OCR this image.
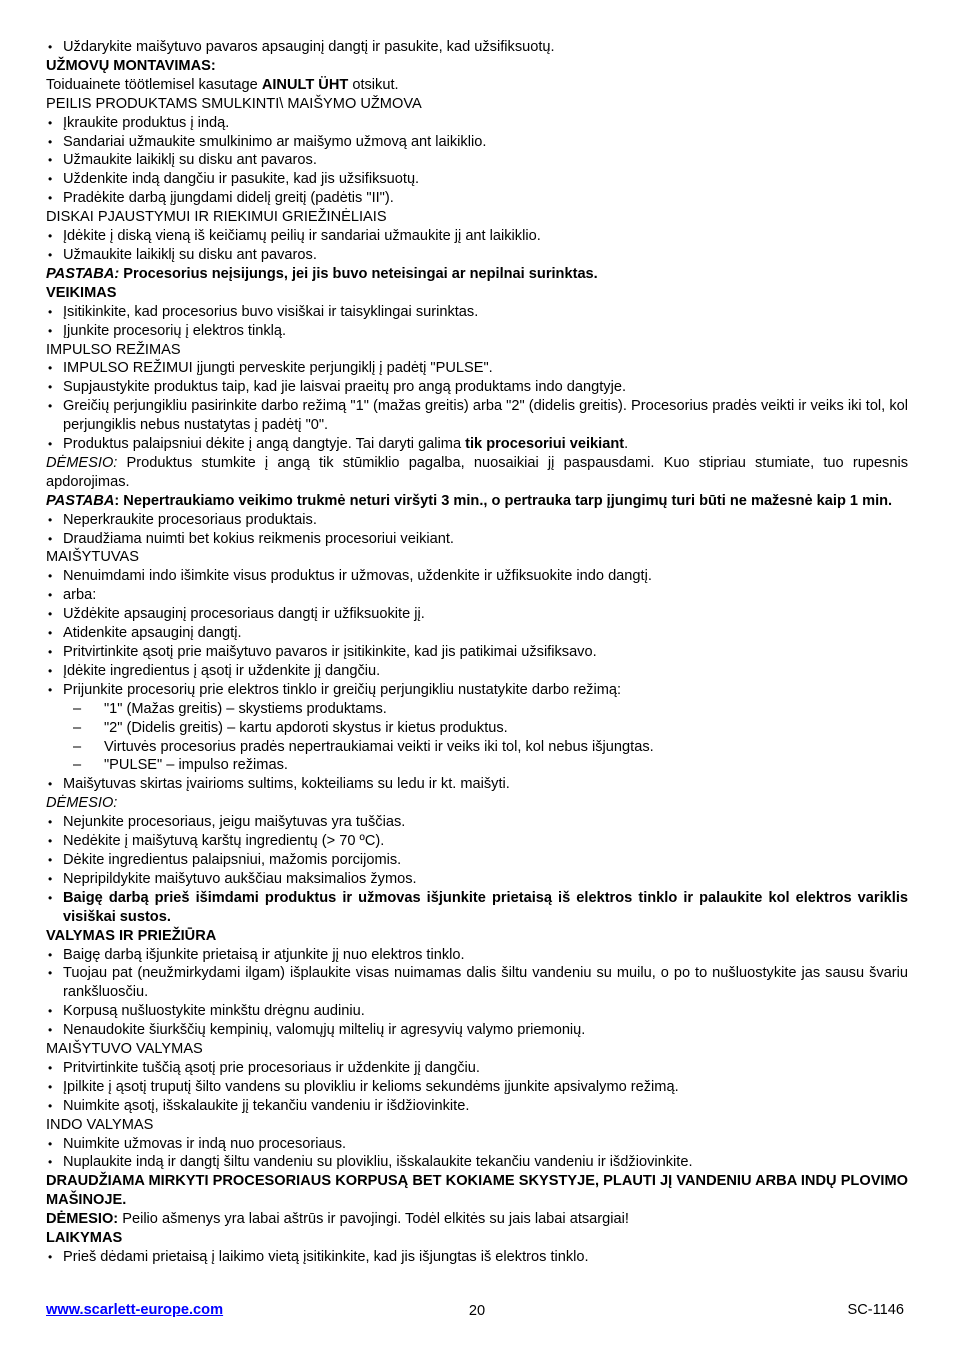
• Uždarykite maišytuvo pavaros apsauginį dangtį ir pasukite, kad užsifiksuotų.

UŽMOVŲ MONTAVIMAS:

Toiduainete töötlemisel kasutage AINULT ÜHT otsikut.

PEILIS PRODUKTAMS SMULKINTI\ MAIŠYMO UŽMOVA

• Įkraukite produktus į indą.
• Sandariai užmaukite smulkinimo ar maišymo užmovą ant laikiklio.
• Užmaukite laikiklį su disku ant pavaros.
• Uždenkite indą dangčiu ir pasukite, kad jis užsifiksuotų.
• Pradėkite darbą įjungdami didelį greitį (padėtis "II").

DISKAI PJAUSTYMUI IR RIEKIMUI GRIEŽINĖLIAIS

• Įdėkite į diską vieną iš keičiamų peilių ir sandariai užmaukite jį ant laikiklio.
• Užmaukite laikiklį su disku ant pavaros.

PASTABA: Procesorius neįsijungs, jei jis buvo neteisingai ar nepilnai surinktas.

VEIKIMAS

• Įsitikinkite, kad procesorius buvo visiškai ir taisyklingai surinktas.
• Įjunkite procesorių į elektros tinklą.

IMPULSO REŽIMAS

• IMPULSO REŽIMUI įjungti perveskite perjungiklį į padėtį "PULSE".
• Supjaustykite produktus taip, kad jie laisvai praeitų pro angą produktams indo dangtyje.
• Greičių perjungikliu pasirinkite darbo režimą "1" (mažas greitis) arba "2" (didelis greitis). Procesorius pradės veikti ir veiks iki tol, kol perjungiklis nebus nustatytas į padėtį "0".
• Produktus palaipsniui dėkite į angą dangtyje. Tai daryti galima tik procesoriui veikiant.

DĖMESIO: Produktus stumkite į angą tik stūmiklio pagalba, nuosaikiai jį paspausdami. Kuo stipriau stumiate, tuo rupesnis apdorojimas.

PASTABA: Nepertraukiamo veikimo trukmė neturi viršyti 3 min., o pertrauka tarp įjungimų turi būti ne mažesnė kaip 1 min.

• Neperkraukite procesoriaus produktais.
• Draudžiama nuimti bet kokius reikmenis procesoriui veikiant.

MAIŠYTUVAS

• Nenuimdami indo išimkite visus produktus ir užmovas, uždenkite ir užfiksuokite indo dangtį.
• arba:
• Uždėkite apsauginį procesoriaus dangtį ir užfiksuokite jį.
• Atidenkite apsauginį dangtį.
• Pritvirtinkite ąsotį prie maišytuvo pavaros ir įsitikinkite, kad jis patikimai užsifiksavo.
• Įdėkite ingredientus į ąsotį ir uždenkite jį dangčiu.
• Prijunkite procesorių prie elektros tinklo ir greičių perjungikliu nustatykite darbo režimą:
– "1" (Mažas greitis) – skystiems produktams.
– "2" (Didelis greitis) – kartu apdoroti skystus ir kietus produktus.
– Virtuvės procesorius pradės nepertraukiamai veikti ir veiks iki tol, kol nebus išjungtas.
– "PULSE" – impulso režimas.
• Maišytuvas skirtas įvairioms sultims, kokteiliams su ledu ir kt. maišyti.

DĖMESIO:

• Nejunkite procesoriaus, jeigu maišytuvas yra tuščias.
• Nedėkite į maišytuvą karštų ingredientų (> 70 ºC).
• Dėkite ingredientus palaipsniui, mažomis porcijomis.
• Nepripildykite maišytuvo aukščiau maksimalios žymos.
• Baigę darbą prieš išimdami produktus ir užmovas išjunkite prietaisą iš elektros tinklo ir palaukite kol elektros variklis visiškai sustos.

VALYMAS IR PRIEŽIŪRA

• Baigę darbą išjunkite prietaisą ir atjunkite jį nuo elektros tinklo.
• Tuojau pat (neužmirkydami ilgam) išplaukite visas nuimamas dalis šiltu vandeniu su muilu, o po to nušluostykite jas sausu švariu rankšluosčiu.
• Korpusą nušluostykite minkštu drėgnu audiniu.
• Nenaudokite šiurkščių kempinių, valomųjų miltelių ir agresyvių valymo priemonių.

MAIŠYTUVO VALYMAS

• Pritvirtinkite tuščią ąsotį prie procesoriaus ir uždenkite jį dangčiu.
• Įpilkite į ąsotį truputį šilto vandens su plovikliu ir kelioms sekundėms įjunkite apsivalymo režimą.
• Nuimkite ąsotį, išskalaukite jį tekančiu vandeniu ir išdžiovinkite.

INDO VALYMAS

• Nuimkite užmovas ir indą nuo procesoriaus.
• Nuplaukite indą ir dangtį šiltu vandeniu su plovikliu, išskalaukite tekančiu vandeniu ir išdžiovinkite.

DRAUDŽIAMA MIRKYTI PROCESORIAUS KORPUSĄ BET KOKIAME SKYSTYJE, PLAUTI JĮ VANDENIU ARBA INDŲ PLOVIMO MAŠINOJE.

DĖMESIO: Peilio ašmenys yra labai aštrūs ir pavojingi. Todėl elkitės su jais labai atsargiai!

LAIKYMAS

• Prieš dėdami prietaisą į laikimo vietą įsitikinkite, kad jis išjungtas iš elektros tinklo.
www.scarlett-europe.com	20	SC-1146
